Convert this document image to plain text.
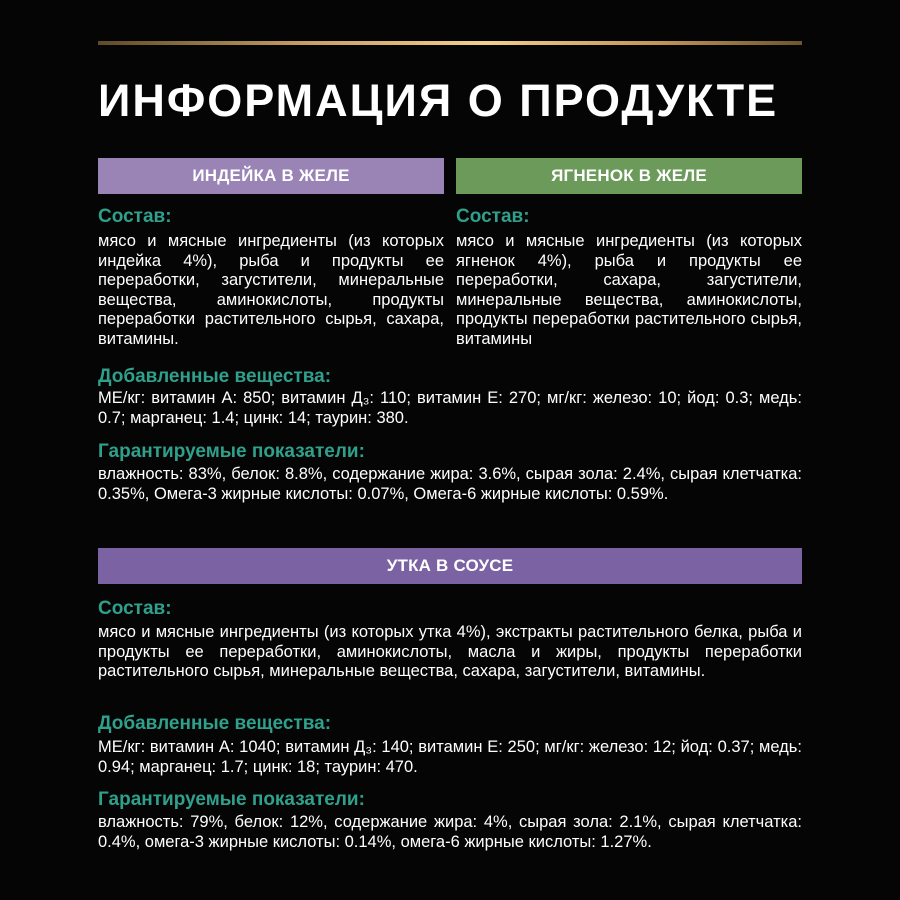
ИНФОРМАЦИЯ О ПРОДУКТЕ
ИНДЕЙКА В ЖЕЛЕ
Состав:
мясо и мясные ингредиенты (из которых индейка 4%), рыба и продукты ее переработки, загустители, минеральные вещества, аминокислоты, продукты переработки растительного сырья, сахара, витамины.
ЯГНЕНОК В ЖЕЛЕ
Состав:
мясо и мясные ингредиенты (из которых ягненок 4%), рыба и продукты ее переработки, сахара, загустители, минеральные вещества, аминокислоты, продукты переработки растительного сырья, витамины
Добавленные вещества:
МЕ/кг: витамин А: 850; витамин Д₃: 110; витамин Е: 270; мг/кг: железо: 10; йод: 0.3; медь: 0.7; марганец: 1.4; цинк: 14; таурин: 380.
Гарантируемые показатели:
влажность: 83%, белок: 8.8%, содержание жира: 3.6%, сырая зола: 2.4%, сырая клетчатка: 0.35%, Омега-3 жирные кислоты: 0.07%, Омега-6 жирные кислоты: 0.59%.
УТКА В СОУСЕ
Состав:
мясо и мясные ингредиенты (из которых утка 4%), экстракты растительного белка, рыба и продукты ее переработки, аминокислоты, масла и жиры, продукты переработки растительного сырья, минеральные вещества, сахара, загустители, витамины.
Добавленные вещества:
МЕ/кг: витамин А: 1040; витамин Д₃: 140; витамин Е: 250; мг/кг: железо: 12; йод: 0.37; медь: 0.94; марганец: 1.7; цинк: 18; таурин: 470.
Гарантируемые показатели:
влажность: 79%, белок: 12%, содержание жира: 4%, сырая зола: 2.1%, сырая клетчатка: 0.4%, омега-3 жирные кислоты: 0.14%, омега-6 жирные кислоты: 1.27%.
